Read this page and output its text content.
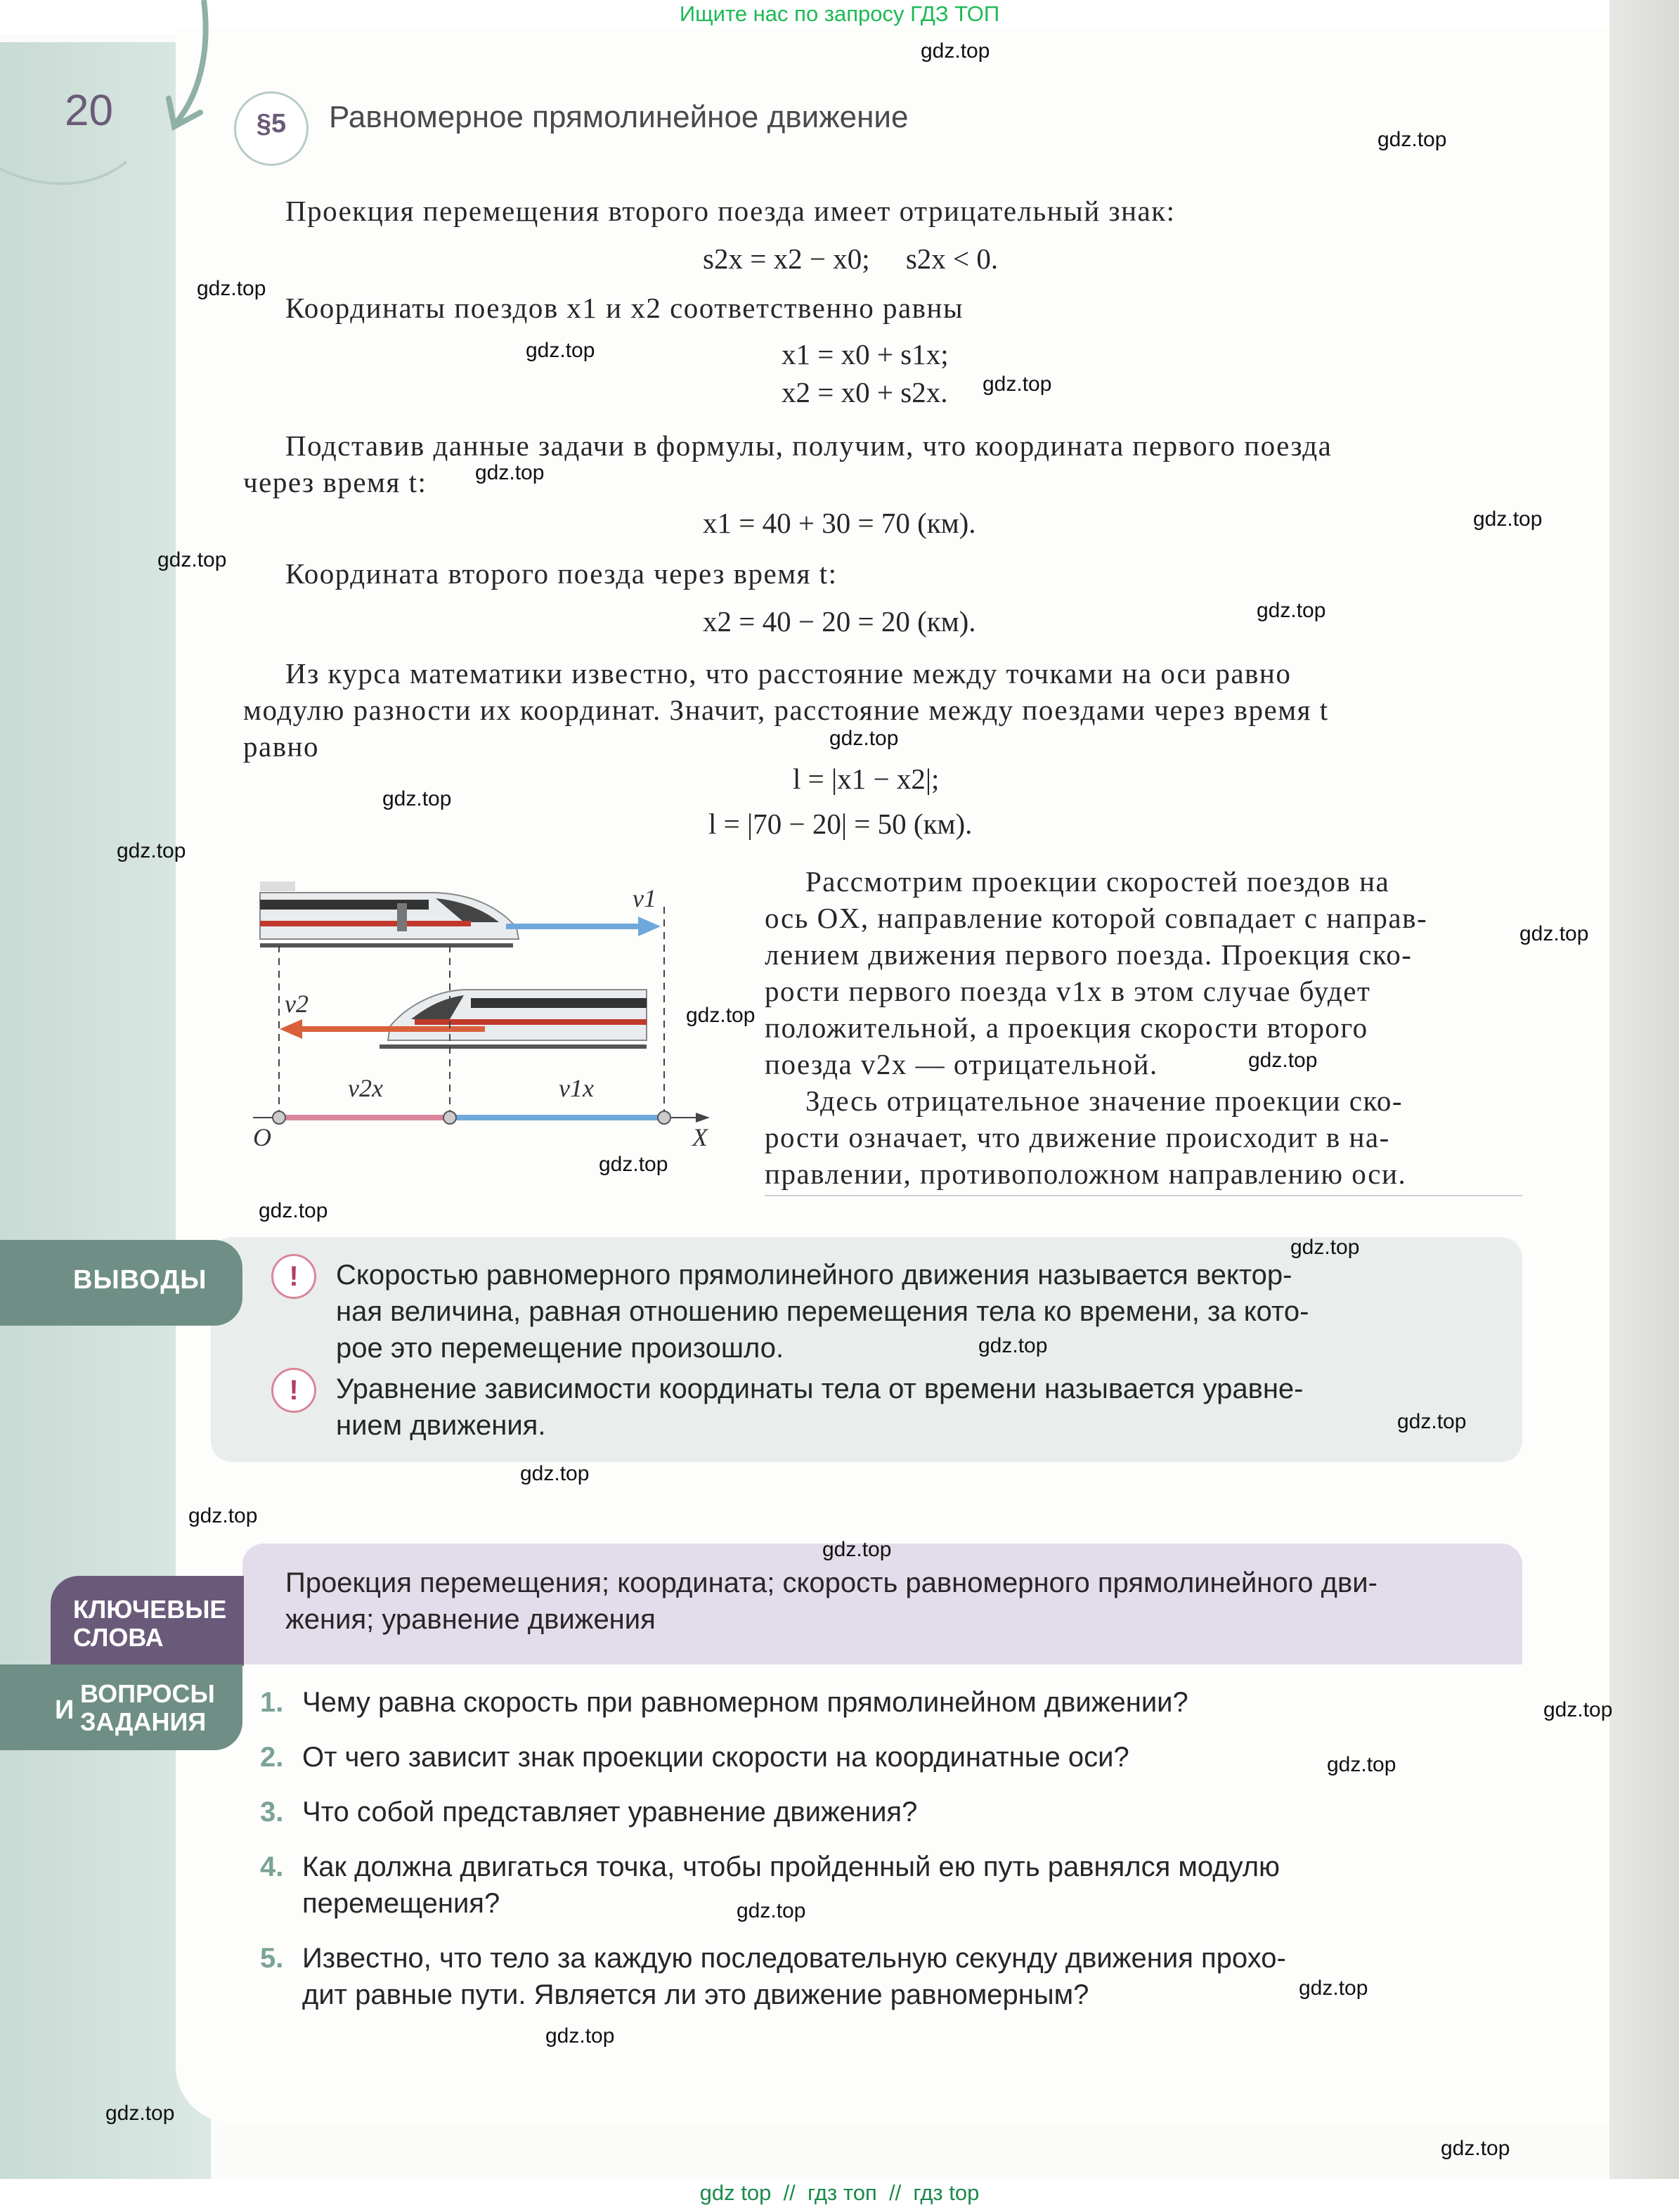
Ищите нас по запросу ГДЗ ТОП
gdz top  //  гдз топ  //  гдз top
20	§5	Равномерное прямолинейное движение
Проекция перемещения второго поезда имеет отрицательный знак:
s2x = x2 − x0;     s2x < 0.
Координаты поездов x1 и x2 соответственно равны
x1 = x0 + s1x;
x2 = x0 + s2x.
Подставив данные задачи в формулы, получим, что координата первого поезда
через время t:
x1 = 40 + 30 = 70 (км).
Координата второго поезда через время t:
x2 = 40 − 20 = 20 (км).
Из курса математики известно, что расстояние между точками на оси равно
модулю разности их координат. Значит, расстояние между поездами через время t
равно
l = |x1 − x2|;
l = |70 − 20| = 50 (км).
Рассмотрим проекции скоростей поездов на
ось OX, направление которой совпадает с направ-
лением движения первого поезда. Проекция ско-
рости первого поезда v1x в этом случае будет
положительной, а проекция скорости второго
поезда v2x — отрицательной.
Здесь отрицательное значение проекции ско-
рости означает, что движение происходит в на-
правлении, противоположном направлению оси.
v1
v2
v2x	v1x
O	X
ВЫВОДЫ	!	Скоростью равномерного прямолинейного движения называется вектор-
ная величина, равная отношению перемещения тела ко времени, за кото-
рое это перемещение произошло.
!	Уравнение зависимости координаты тела от времени называется уравне-
нием движения.
КЛЮЧЕВЫЕ
СЛОВА
Проекция перемещения; координата; скорость равномерного прямолинейного дви-
жения; уравнение движения
И
ВОПРОСЫ
ЗАДАНИЯ
1. Чему равна скорость при равномерном прямолинейном движении?
2. От чего зависит знак проекции скорости на координатные оси?
3. Что собой представляет уравнение движения?
4. Как должна двигаться точка, чтобы пройденный ею путь равнялся модулю
перемещения?
5. Известно, что тело за каждую последовательную секунду движения прохо-
дит равные пути. Является ли это движение равномерным?
gdz.top
gdz.top
gdz.top
gdz.top
gdz.top
gdz.top
gdz.top
gdz.top
gdz.top
gdz.top
gdz.top
gdz.top
gdz.top
gdz.top
gdz.top
gdz.top
gdz.top
gdz.top
gdz.top
gdz.top
gdz.top
gdz.top
gdz.top
gdz.top
gdz.top
gdz.top
gdz.top
gdz.top
gdz.top
gdz.top
